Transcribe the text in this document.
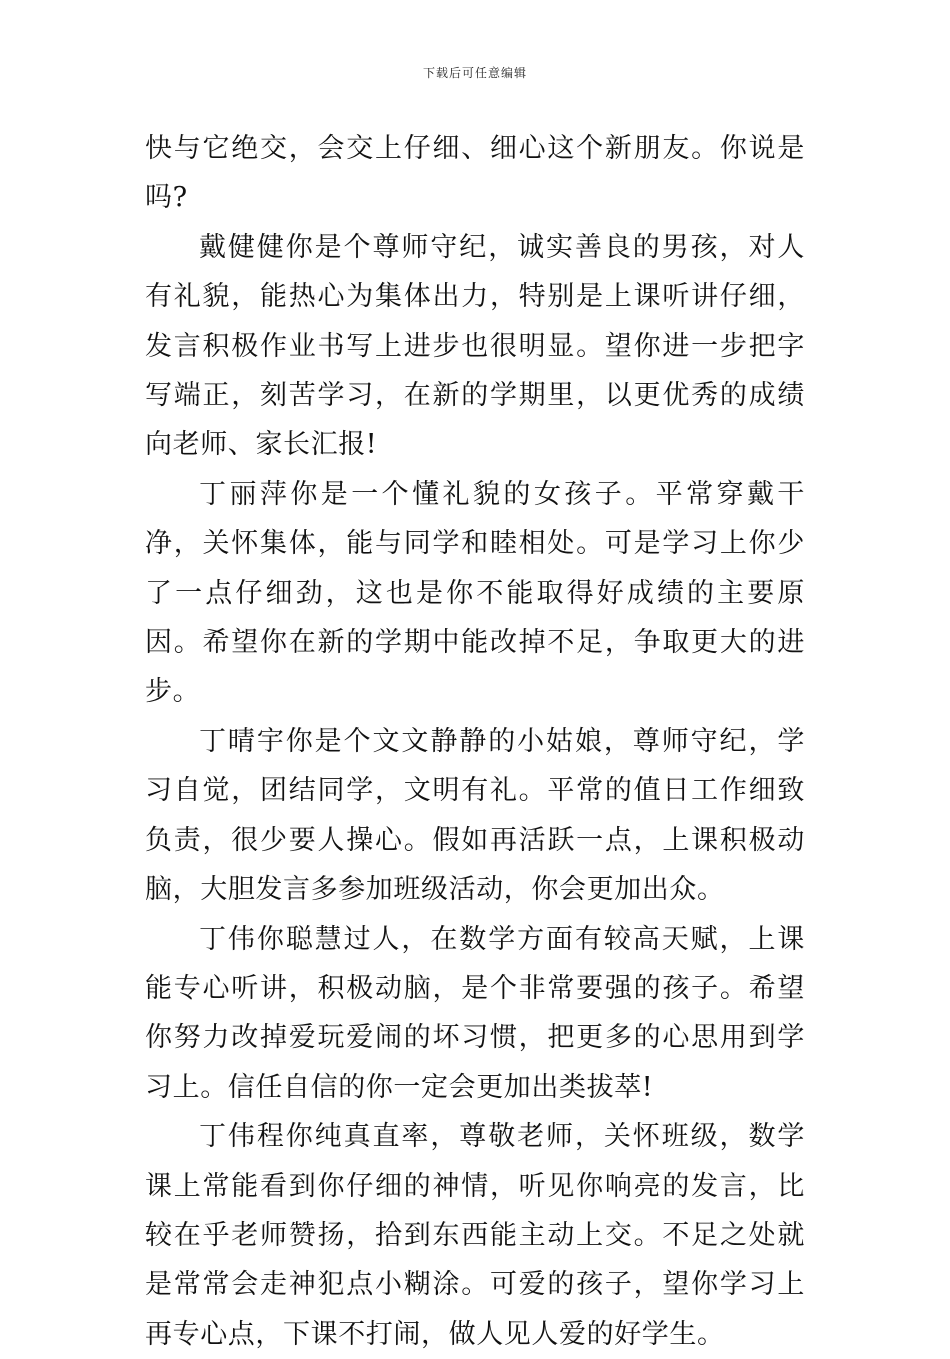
下载后可任意编辑

快与它绝交，会交上仔细、细心这个新朋友。你说是吗?

戴健健你是个尊师守纪，诚实善良的男孩，对人有礼貌，能热心为集体出力，特别是上课听讲仔细，发言积极作业书写上进步也很明显。望你进一步把字写端正，刻苦学习，在新的学期里，以更优秀的成绩向老师、家长汇报!

丁丽萍你是一个懂礼貌的女孩子。平常穿戴干净，关怀集体，能与同学和睦相处。可是学习上你少了一点仔细劲，这也是你不能取得好成绩的主要原因。希望你在新的学期中能改掉不足，争取更大的进步。

丁晴宇你是个文文静静的小姑娘，尊师守纪，学习自觉，团结同学，文明有礼。平常的值日工作细致负责，很少要人操心。假如再活跃一点，上课积极动脑，大胆发言多参加班级活动，你会更加出众。

丁伟你聪慧过人，在数学方面有较高天赋，上课能专心听讲，积极动脑，是个非常要强的孩子。希望你努力改掉爱玩爱闹的坏习惯，把更多的心思用到学习上。信任自信的你一定会更加出类拔萃!

丁伟程你纯真直率，尊敬老师，关怀班级，数学课上常能看到你仔细的神情，听见你响亮的发言，比较在乎老师赞扬，拾到东西能主动上交。不足之处就是常常会走神犯点小糊涂。可爱的孩子，望你学习上再专心点，下课不打闹，做人见人爱的好学生。
